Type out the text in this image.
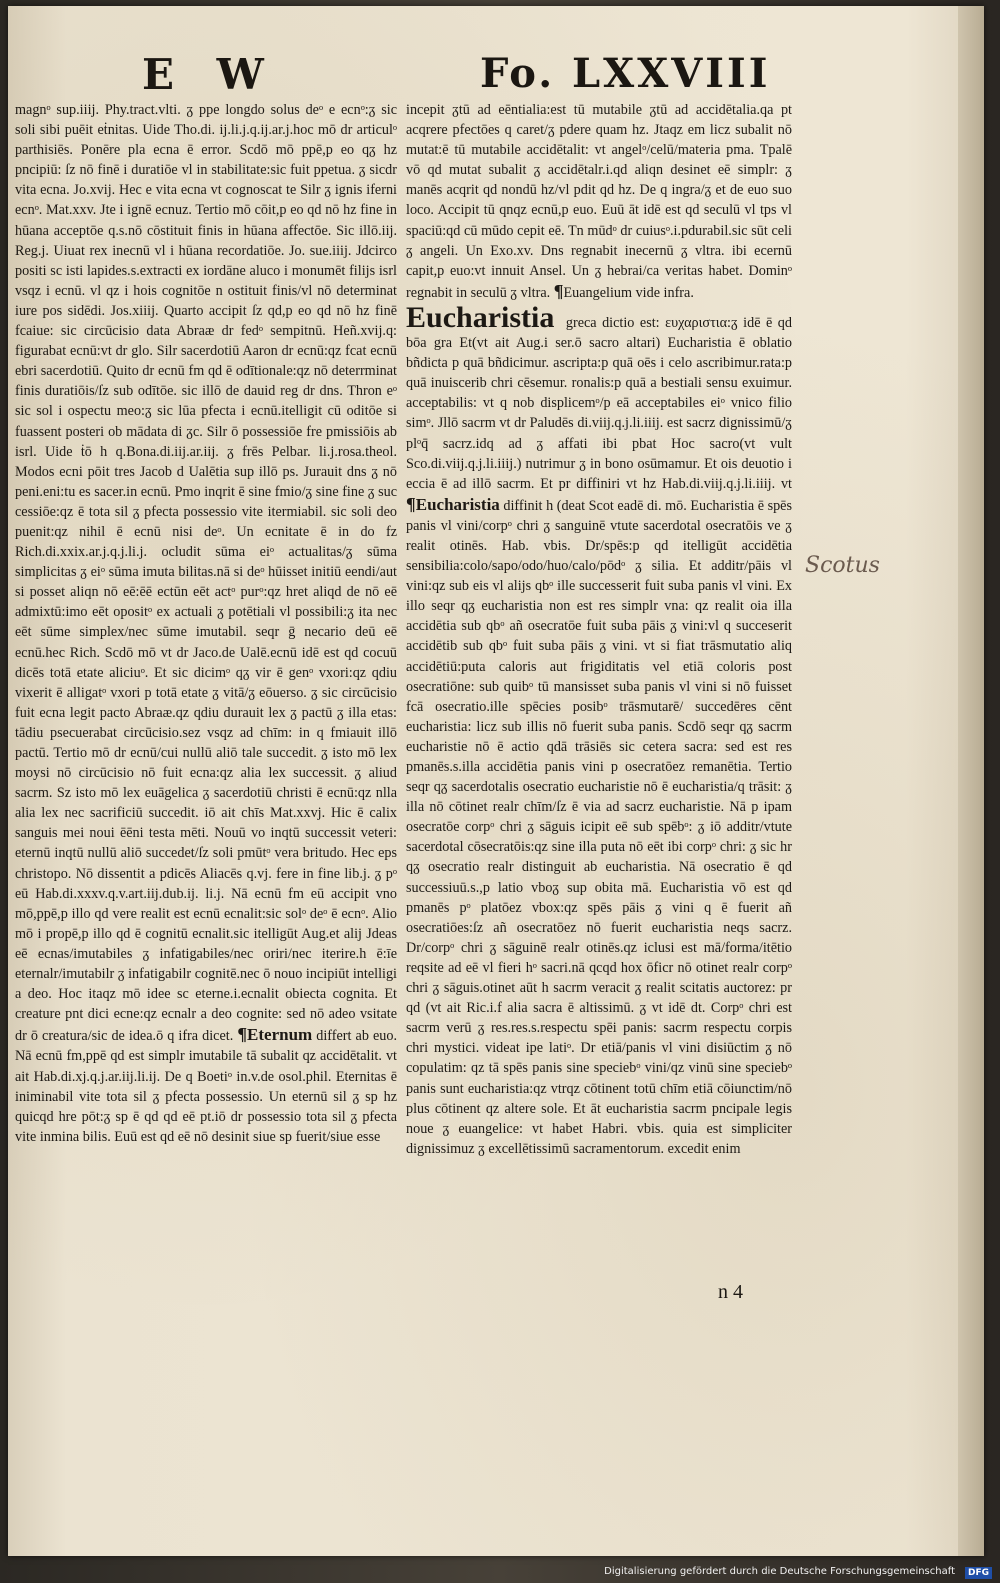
E W	Fo. LXXVIII

magnᵒ sup.iiij. Phy.tract.vlti. ᵹ ppe longdo solus deᵒ e ecnᵒ:ᵹ sic soli sibi puēit eṫnitas. Uide Tho.di. ij.li.j.q.ij.ar.j.hoc mō dr articulᵒ parthisiēs. Ponēre pla ecna ē error. Scdō mō ppē,p eo qᵹ hz pncipiū: ſz nō finē i duratiōe vl in stabilitate:sic fuit ppetua. ᵹ sicdr vita ecna. Jo.xvij. Hec e vita ecna vt cognoscat te Silr ᵹ ignis iferni ecnᵒ. Mat.xxv. Jte i ignē ecnuz. Tertio mō cōit,p eo qd nō hz fine in hūana acceptōe q.s.nō cōstituit finis in hūana affectōe. Sic illō.iij. Reg.j. Uiuat rex inecnū vl i hūana recordatiōe. Jo. sue.iiij. Jdcirco positi sc isti lapides.s.extracti ex iordāne aluco i monumēt filijs isrl vsqz i ecnū. vl qz i hois cognitōe n ostituit finis/vl nō determinat iure pos sidēdi. Jos.xiiij. Quarto accipit ſz qd,p eo qd nō hz finē fcaiue: sic circūcisio data Abraæ dr fedᵒ sempitnū. Heñ.xvij.q: figurabat ecnū:vt dr glo. Silr sacerdotiū Aaron dr ecnū:qz fcat ecnū ebri sacerdotiū. Quito dr ecnū fm qd ē odītionale:qz nō deterrminat finis duratiōis/ſz sub odītōe. sic illō de dauid reg dr dns. Thron eᵒ sic sol i ospectu meo:ᵹ sic lūa pfecta i ecnū.itelligit cū oditōe si fuassent posteri ob mādata di ᵹc. Silr ō possessiōe fre pmissiōis ab isrl. Uide ṫō h q.Bona.di.iij.ar.iij. ᵹ frēs Pelbar. li.j.rosa.theol. Modos ecni pōit tres Jacob d Ualētia sup illō ps. Jurauit dns ᵹ nō peni.eni:tu es sacer.in ecnū. Pmo inqrit ē sine fmio/ᵹ sine fine ᵹ suc cessiōe:qz ē tota sil ᵹ pfecta possessio vite itermiabil. sic soli deo puenit:qz nihil ē ecnū nisi deᵒ. Un ecnitate ē in do fz Rich.di.xxix.ar.j.q.j.li.j. ocludit sūma eiᵒ actualitas/ᵹ sūma simplicitas ᵹ eiᵒ sūma imuta bilitas.nā si deᵒ hūisset initiū eendi/aut si posset aliqn nō eē:ēē ectūn eēt actᵒ purᵒ:qz hret aliqd de nō eē admixtū:imo eēt opositᵒ ex actuali ᵹ potētiali vl possibili:ᵹ ita nec eēt sūme simplex/nec sūme imutabil. seqr ḡ necario deū eē ecnū.hec Rich. Scdō mō vt dr Jaco.de Ualē.ecnū idē est qd cocuū dicēs totā etate aliciuᵒ. Et sic dicimᵒ qᵹ vir ē genᵒ vxori:qz qdiu vixerit ē alligatᵒ vxori p totā etate ᵹ vitā/ᵹ eōuerso. ᵹ sic circūcisio fuit ecna legit pacto Abraæ.qz qdiu durauit lex ᵹ pactū ᵹ illa etas: tādiu psecuerabat circūcisio.sez vsqz ad chīm: in q fmiauit illō pactū. Tertio mō dr ecnū/cui nullū aliō tale succedit. ᵹ isto mō lex moysi nō circūcisio nō fuit ecna:qz alia lex successit. ᵹ aliud sacrm. Sz isto mō lex euāgelica ᵹ sacerdotiū christi ē ecnū:qz nlla alia lex nec sacrificiū succedit. iō ait chīs Mat.xxvj. Hic ē calix sanguis mei noui ēēni testa mēti. Nouū vo inqtū successit veteri: eternū inqtū nullū aliō succedet/ſz soli pmūtᵒ vera britudo. Hec eps christopo. Nō dissentit a pdicēs Aliacēs q.vj. fere in fine lib.j. ᵹ pᵒ eū Hab.di.xxxv.q.v.art.iij.dub.ij. li.j. Nā ecnū fm eū accipit vno mō,ppē,p illo qd vere realit est ecnū ecnalit:sic solᵒ deᵒ ē ecnᵒ. Alio mō i propē,p illo qd ē cognitū ecnalit.sic itelligūt Aug.et alij Jdeas eē ecnas/imutabiles ᵹ infatigabiles/nec oriri/nec iterire.h ē:īe eternalr/imutabilr ᵹ infatigabilr cognitē.nec ō nouo incipiūt intelligi a deo. Hoc itaqz mō idee sc eterne.i.ecnalit obiecta cognita. Et creature pnt dici ecne:qz ecnalr a deo cognite: sed nō adeo vsitate dr ō creatura/sic de idea.ō q ifra dicet. ¶Eternum differt ab euo. Nā ecnū fm,ppē qd est simplr imutabile tā subalit qz accidētalit. vt ait Hab.di.xj.q.j.ar.iij.li.ij. De q Boetiᵒ in.v.de osol.phil. Eternitas ē iniminabil vite tota sil ᵹ pfecta possessio. Un eternū sil ᵹ sp hz quicqd hre pōt:ᵹ sp ē qd qd eē pt.iō dr possessio tota sil ᵹ pfecta vite inmina bilis. Euū est qd eē nō desinit siue sp fuerit/siue esse

incepit ᵹtū ad eēntialia:est tū mutabile ᵹtū ad accidētalia.qa pt acqrere pfectōes q caret/ᵹ pdere quam hz. Jtaqz em licz subalit nō mutat:ē tū mutabile accidētalit: vt angelᵒ/celū/materia pma. Tpalē vō qd mutat subalit ᵹ accidētalr.i.qd aliqn desinet eē simplr: ᵹ manēs acqrit qd nondū hz/vl pdit qd hz. De q ingra/ᵹ et de euo suo loco. Accipit tū qnqz ecnū,p euo. Euū āt idē est qd seculū vl tps vl spaciū:qd cū mūdo cepit eē. Tn mūdᵒ dr cuiusᵒ.i.pdurabil.sic sūt celi ᵹ angeli. Un Exo.xv. Dns regnabit inecernū ᵹ vltra. ibi ecernū capit,p euo:vt innuit Ansel. Un ᵹ hebrai/ca veritas habet. Dominᵒ regnabit in seculū ᵹ vltra. ¶Euangelium vide infra.

Eucharistia greca dictio est: ευχαριστια:ᵹ idē ē qd bōa gra Et(vt ait Aug.i ser.ō sacro altari) Eucharistia ē oblatio bñdicta p quā bñdicimur. ascripta:p quā oēs i celo ascribimur.rata:p quā inuiscerib chri cēsemur. ronalis:p quā a bestiali sensu exuimur. acceptabilis: vt q nob displicemᵒ/p eā acceptabiles eiᵒ vnico filio simᵒ. Jllō sacrm vt dr Paludēs di.viij.q.j.li.iiij. est sacrz dignissimū/ᵹ plᵒq̄ sacrz.idq ad ᵹ affati ibi pbat Hoc sacro(vt vult Sco.di.viij.q.j.li.iiij.) nutrimur ᵹ in bono osūmamur. Et ois deuotio i eccia ē ad illō sacrm. Et pr diffiniri vt hz Hab.di.viij.q.j.li.iiij. vt ¶Eucharistia diffinit h (deat Scot eadē di. mō. Eucharistia ē spēs panis vl vini/corpᵒ chri ᵹ sanguinē vtute sacerdotal osecratōis ve ᵹ realit otinēs. Hab. vbis. Dr/spēs:p qd itelligūt accidētia sensibilia:colo/sapo/odo/huo/calo/pōdᵒ ᵹ silia. Et additr/pāis vl vini:qz sub eis vl alijs qbᵒ ille successerit fuit suba panis vl vini. Ex illo seqr qᵹ eucharistia non est res simplr vna: qz realit oia illa accidētia sub qbᵒ añ osecratōe fuit suba pāis ᵹ vini:vl q succeserit accidētib sub qbᵒ fuit suba pāis ᵹ vini. vt si fiat trāsmutatio aliq accidētiū:puta caloris aut frigiditatis vel etiā coloris post osecratiōne: sub quibᵒ tū mansisset suba panis vl vini si nō fuisset fcā osecratio.ille spēcies posibᵒ trāsmutarē/ succedēres cēnt eucharistia: licz sub illis nō fuerit suba panis. Scdō seqr qᵹ sacrm eucharistie nō ē actio qdā trāsiēs sic cetera sacra: sed est res pmanēs.s.illa accidētia panis vini p osecratōez remanētia. Tertio seqr qᵹ sacerdotalis osecratio eucharistie nō ē eucharistia/q trāsit: ᵹ illa nō cōtinet realr chīm/ſz ē via ad sacrz eucharistie. Nā p ipam osecratōe corpᵒ chri ᵹ sāguis icipit eē sub spēbᵒ: ᵹ iō additr/vtute sacerdotal cōsecratōis:qz sine illa puta nō eēt ibi corpᵒ chri: ᵹ sic hr qᵹ osecratio realr distinguit ab eucharistia. Nā osecratio ē qd successiuū.s.,p latio vboᵹ sup obita mā. Eucharistia vō est qd pmanēs pᵒ platōez vbox:qz spēs pāis ᵹ vini q ē fuerit añ osecratiōes:ſz añ osecratōez nō fuerit eucharistia neqs sacrz. Dr/corpᵒ chri ᵹ sāguinē realr otinēs.qz iclusi est mā/forma/itētio reqsite ad eē vl fieri hᵒ sacri.nā qcqd hox ōficr nō otinet realr corpᵒ chri ᵹ sāguis.otinet aūt h sacrm veracit ᵹ realit scitatis auctorez: pr qd (vt ait Ric.i.f alia sacra ē altissimū. ᵹ vt idē dt. Corpᵒ chri est sacrm verū ᵹ res.res.s.respectu spēi panis: sacrm respectu corpis chri mystici. videat ipe latiᵒ. Dr etiā/panis vl vini disiūctim ᵹ nō copulatim: qz tā spēs panis sine speciebᵒ vini/qz vinū sine speciebᵒ panis sunt eucharistia:qz vtrqz cōtinent totū chīm etiā cōiunctim/nō plus cōtinent qz altere sole. Et āt eucharistia sacrm pncipale legis noue ᵹ euangelice: vt habet Habri. vbis. quia est simpliciter dignissimuz ᵹ excellētissimū sacramentorum. excedit enim

n 4
Scotus
Digitalisierung gefördert durch die Deutsche Forschungsgemeinschaft	DFG
